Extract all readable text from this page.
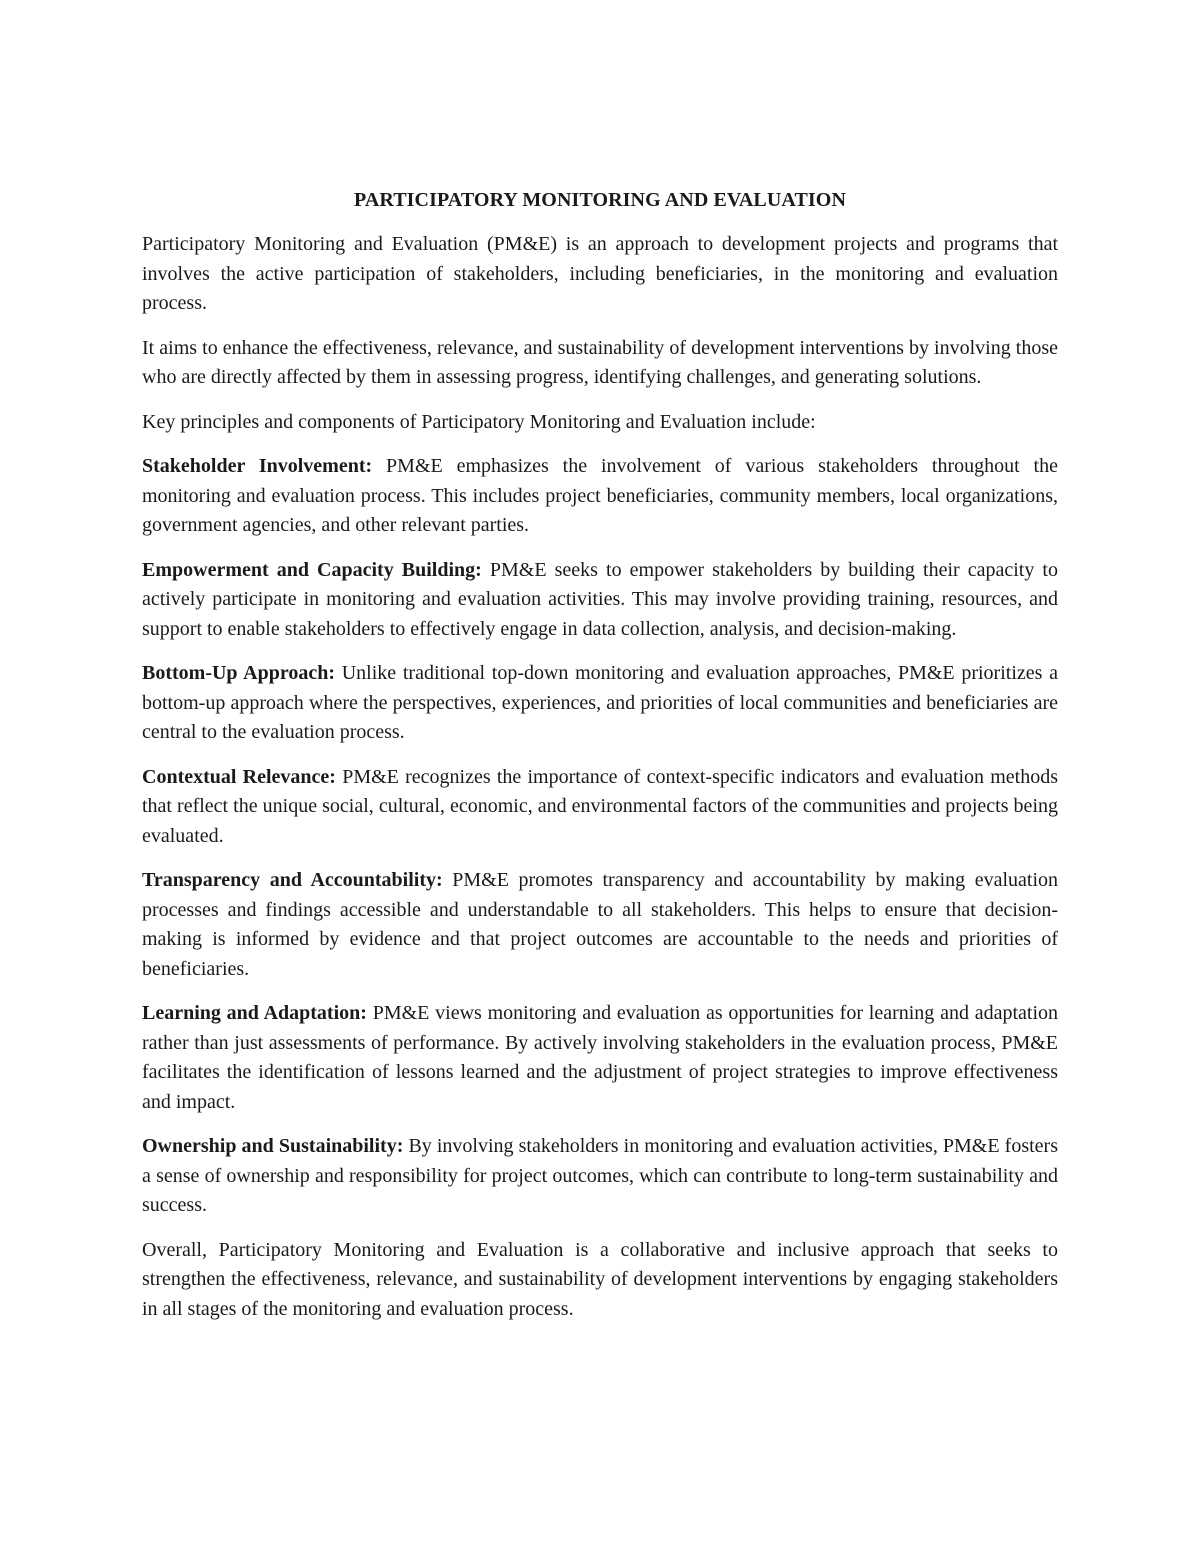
PARTICIPATORY MONITORING AND EVALUATION

Participatory Monitoring and Evaluation (PM&E) is an approach to development projects and programs that involves the active participation of stakeholders, including beneficiaries, in the monitoring and evaluation process.

It aims to enhance the effectiveness, relevance, and sustainability of development interventions by involving those who are directly affected by them in assessing progress, identifying challenges, and generating solutions.

Key principles and components of Participatory Monitoring and Evaluation include:

Stakeholder Involvement: PM&E emphasizes the involvement of various stakeholders throughout the monitoring and evaluation process. This includes project beneficiaries, community members, local organizations, government agencies, and other relevant parties.

Empowerment and Capacity Building: PM&E seeks to empower stakeholders by building their capacity to actively participate in monitoring and evaluation activities. This may involve providing training, resources, and support to enable stakeholders to effectively engage in data collection, analysis, and decision-making.

Bottom-Up Approach: Unlike traditional top-down monitoring and evaluation approaches, PM&E prioritizes a bottom-up approach where the perspectives, experiences, and priorities of local communities and beneficiaries are central to the evaluation process.

Contextual Relevance: PM&E recognizes the importance of context-specific indicators and evaluation methods that reflect the unique social, cultural, economic, and environmental factors of the communities and projects being evaluated.

Transparency and Accountability: PM&E promotes transparency and accountability by making evaluation processes and findings accessible and understandable to all stakeholders. This helps to ensure that decision-making is informed by evidence and that project outcomes are accountable to the needs and priorities of beneficiaries.

Learning and Adaptation: PM&E views monitoring and evaluation as opportunities for learning and adaptation rather than just assessments of performance. By actively involving stakeholders in the evaluation process, PM&E facilitates the identification of lessons learned and the adjustment of project strategies to improve effectiveness and impact.

Ownership and Sustainability: By involving stakeholders in monitoring and evaluation activities, PM&E fosters a sense of ownership and responsibility for project outcomes, which can contribute to long-term sustainability and success.

Overall, Participatory Monitoring and Evaluation is a collaborative and inclusive approach that seeks to strengthen the effectiveness, relevance, and sustainability of development interventions by engaging stakeholders in all stages of the monitoring and evaluation process.
